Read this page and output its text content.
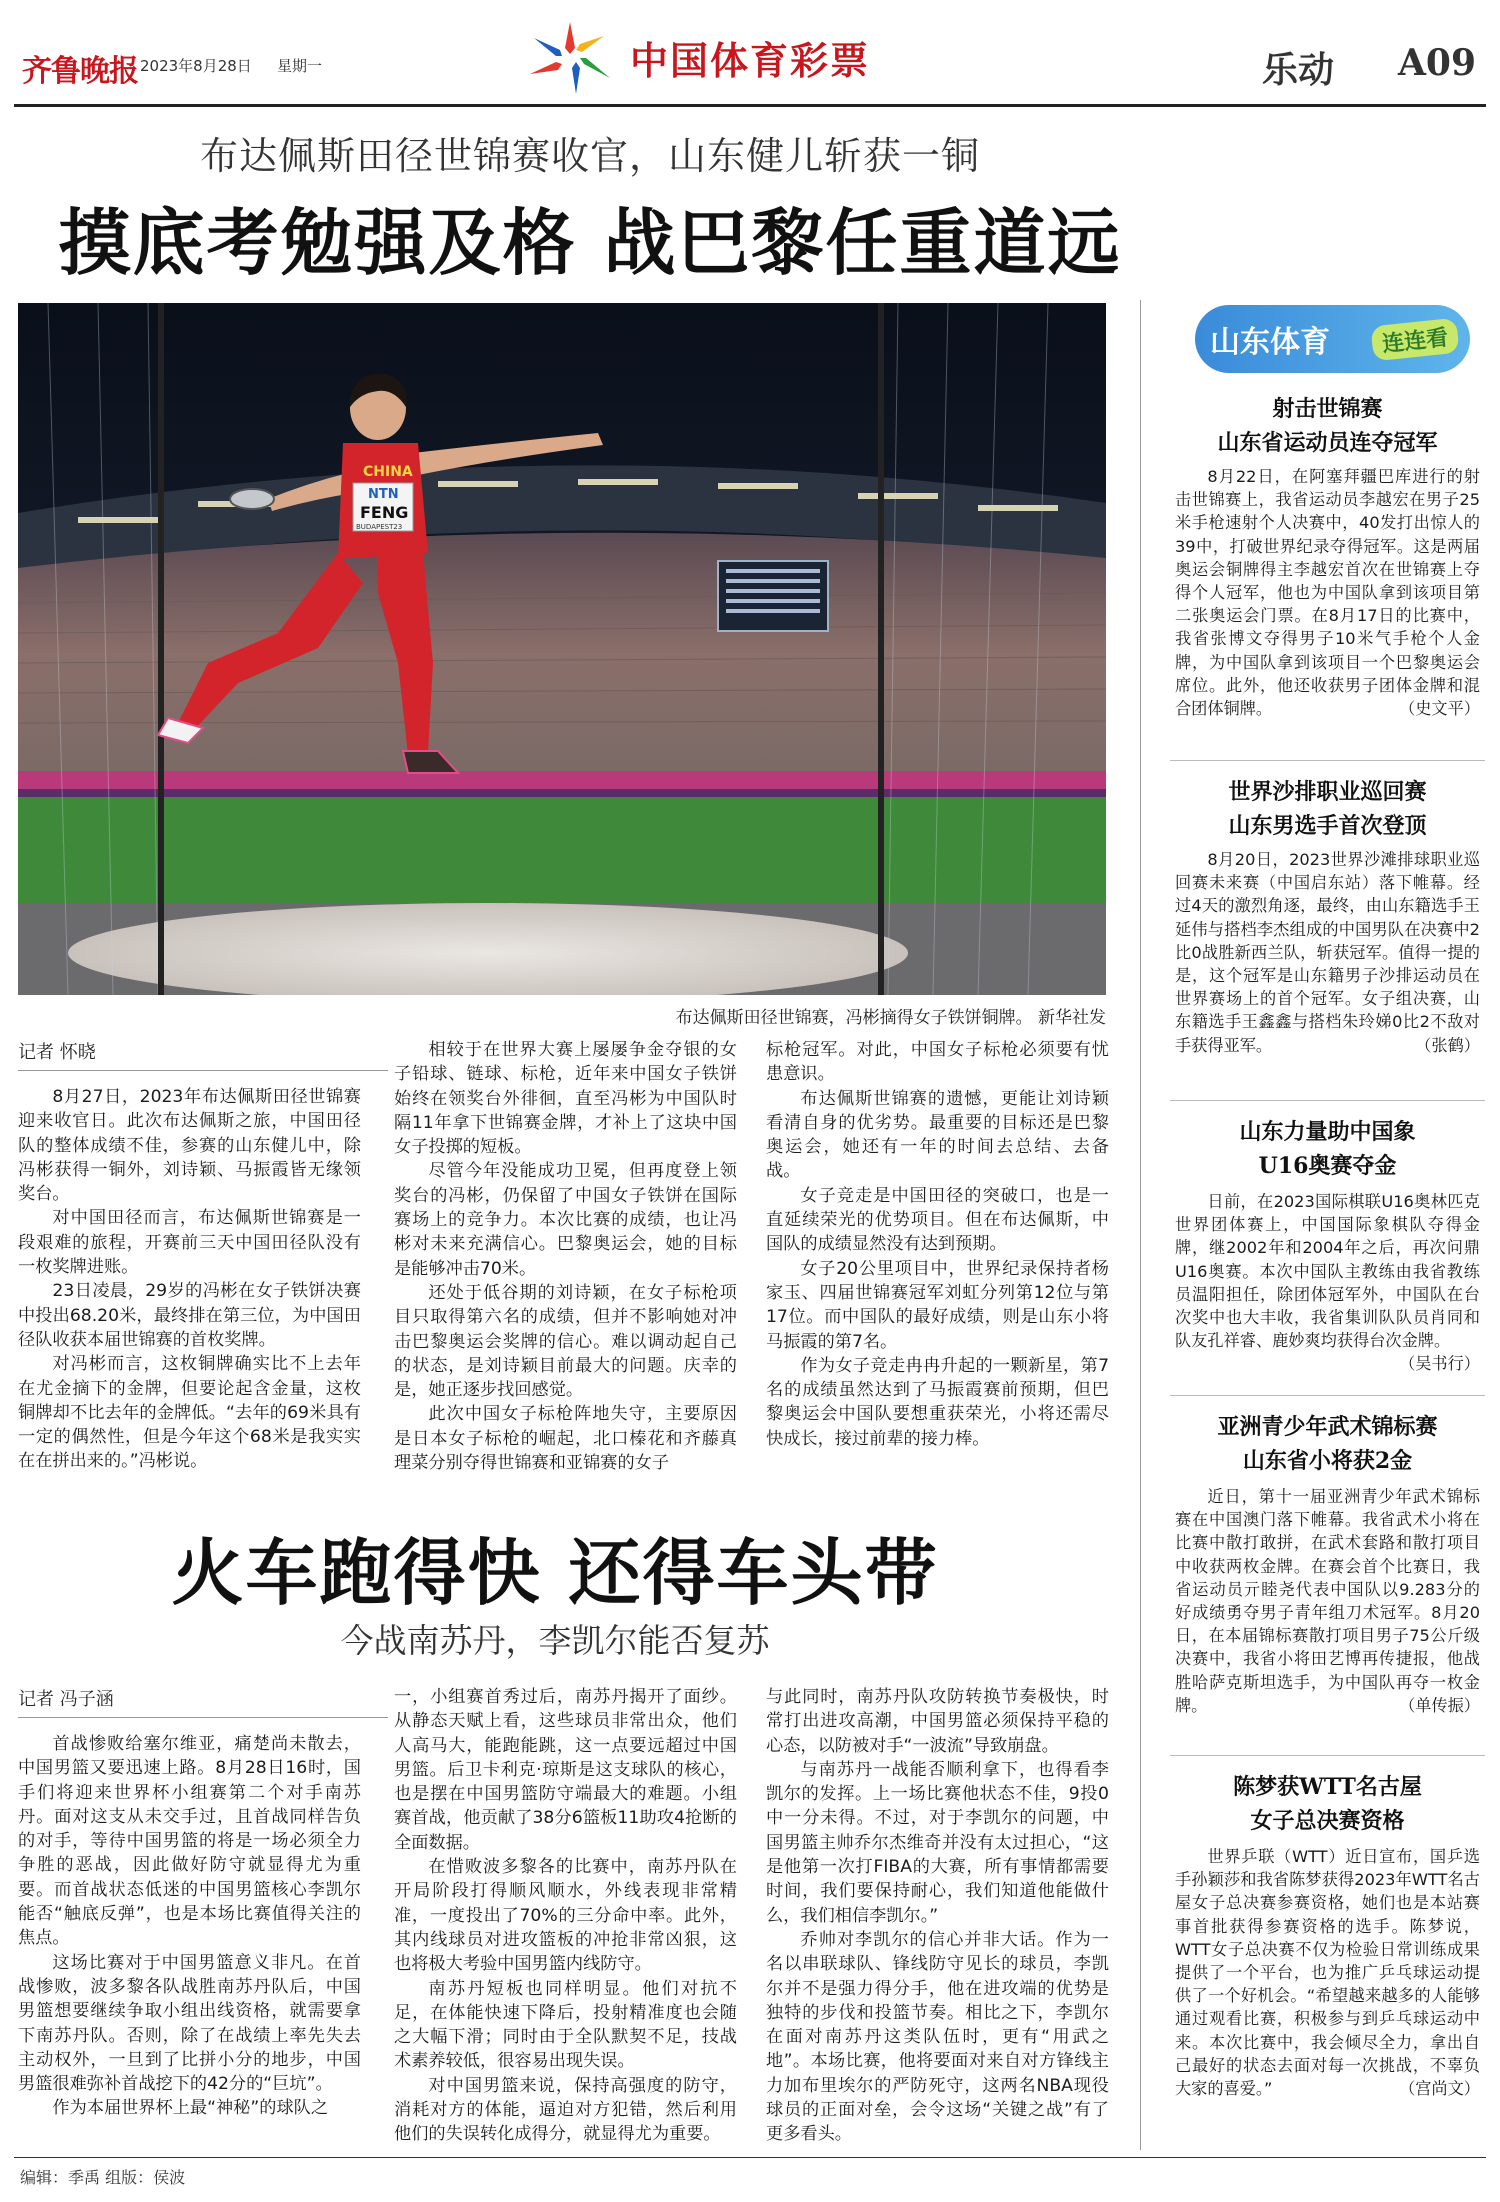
齐鲁晚报 2023年8月28日 星期一	中国体育彩票	乐动 A09
布达佩斯田径世锦赛收官，山东健儿斩获一铜
摸底考勉强及格 战巴黎任重道远
CHINA
NTN
FENG
BUDAPEST23
布达佩斯田径世锦赛，冯彬摘得女子铁饼铜牌。 新华社发
记者 怀晓

8月27日，2023年布达佩斯田径世锦赛迎来收官日。此次布达佩斯之旅，中国田径队的整体成绩不佳，参赛的山东健儿中，除冯彬获得一铜外，刘诗颖、马振霞皆无缘领奖台。

对中国田径而言，布达佩斯世锦赛是一段艰难的旅程，开赛前三天中国田径队没有一枚奖牌进账。

23日凌晨，29岁的冯彬在女子铁饼决赛中投出68.20米，最终排在第三位，为中国田径队收获本届世锦赛的首枚奖牌。

对冯彬而言，这枚铜牌确实比不上去年在尤金摘下的金牌，但要论起含金量，这枚铜牌却不比去年的金牌低。“去年的69米具有一定的偶然性，但是今年这个68米是我实实在在拼出来的。”冯彬说。

相较于在世界大赛上屡屡争金夺银的女子铅球、链球、标枪，近年来中国女子铁饼始终在领奖台外徘徊，直至冯彬为中国队时隔11年拿下世锦赛金牌，才补上了这块中国女子投掷的短板。

尽管今年没能成功卫冕，但再度登上领奖台的冯彬，仍保留了中国女子铁饼在国际赛场上的竞争力。本次比赛的成绩，也让冯彬对未来充满信心。巴黎奥运会，她的目标是能够冲击70米。

还处于低谷期的刘诗颖，在女子标枪项目只取得第六名的成绩，但并不影响她对冲击巴黎奥运会奖牌的信心。难以调动起自己的状态，是刘诗颖目前最大的问题。庆幸的是，她正逐步找回感觉。

此次中国女子标枪阵地失守，主要原因是日本女子标枪的崛起，北口榛花和齐藤真理菜分别夺得世锦赛和亚锦赛的女子

标枪冠军。对此，中国女子标枪必须要有忧患意识。

布达佩斯世锦赛的遗憾，更能让刘诗颖看清自身的优劣势。最重要的目标还是巴黎奥运会，她还有一年的时间去总结、去备战。

女子竞走是中国田径的突破口，也是一直延续荣光的优势项目。但在布达佩斯，中国队的成绩显然没有达到预期。

女子20公里项目中，世界纪录保持者杨家玉、四届世锦赛冠军刘虹分列第12位与第17位。而中国队的最好成绩，则是山东小将马振霞的第7名。

作为女子竞走冉冉升起的一颗新星，第7名的成绩虽然达到了马振霞赛前预期，但巴黎奥运会中国队要想重获荣光，小将还需尽快成长，接过前辈的接力棒。

火车跑得快 还得车头带
今战南苏丹，李凯尔能否复苏
记者 冯子涵

首战惨败给塞尔维亚，痛楚尚未散去，中国男篮又要迅速上路。8月28日16时，国手们将迎来世界杯小组赛第二个对手南苏丹。面对这支从未交手过，且首战同样告负的对手，等待中国男篮的将是一场必须全力争胜的恶战，因此做好防守就显得尤为重要。而首战状态低迷的中国男篮核心李凯尔能否“触底反弹”，也是本场比赛值得关注的焦点。

这场比赛对于中国男篮意义非凡。在首战惨败，波多黎各队战胜南苏丹队后，中国男篮想要继续争取小组出线资格，就需要拿下南苏丹队。否则，除了在战绩上率先失去主动权外，一旦到了比拼小分的地步，中国男篮很难弥补首战挖下的42分的“巨坑”。

作为本届世界杯上最“神秘”的球队之

一，小组赛首秀过后，南苏丹揭开了面纱。从静态天赋上看，这些球员非常出众，他们人高马大，能跑能跳，这一点要远超过中国男篮。后卫卡利克·琼斯是这支球队的核心，也是摆在中国男篮防守端最大的难题。小组赛首战，他贡献了38分6篮板11助攻4抢断的全面数据。

在惜败波多黎各的比赛中，南苏丹队在开局阶段打得顺风顺水，外线表现非常精准，一度投出了70%的三分命中率。此外，其内线球员对进攻篮板的冲抢非常凶狠，这也将极大考验中国男篮内线防守。

南苏丹短板也同样明显。他们对抗不足，在体能快速下降后，投射精准度也会随之大幅下滑；同时由于全队默契不足，技战术素养较低，很容易出现失误。

对中国男篮来说，保持高强度的防守，消耗对方的体能，逼迫对方犯错，然后利用他们的失误转化成得分，就显得尤为重要。

与此同时，南苏丹队攻防转换节奏极快，时常打出进攻高潮，中国男篮必须保持平稳的心态，以防被对手“一波流”导致崩盘。

与南苏丹一战能否顺利拿下，也得看李凯尔的发挥。上一场比赛他状态不佳，9投0中一分未得。不过，对于李凯尔的问题，中国男篮主帅乔尔杰维奇并没有太过担心，“这是他第一次打FIBA的大赛，所有事情都需要时间，我们要保持耐心，我们知道他能做什么，我们相信李凯尔。”

乔帅对李凯尔的信心并非大话。作为一名以串联球队、锋线防守见长的球员，李凯尔并不是强力得分手，他在进攻端的优势是独特的步伐和投篮节奏。相比之下，李凯尔在面对南苏丹这类队伍时，更有“用武之地”。本场比赛，他将要面对来自对方锋线主力加布里埃尔的严防死守，这两名NBA现役球员的正面对垒，会令这场“关键之战”有了更多看头。

山东体育	连连看
射击世锦赛
山东省运动员连夺冠军

8月22日，在阿塞拜疆巴库进行的射击世锦赛上，我省运动员李越宏在男子25米手枪速射个人决赛中，40发打出惊人的39中，打破世界纪录夺得冠军。这是两届奥运会铜牌得主李越宏首次在世锦赛上夺得个人冠军，他也为中国队拿到该项目第二张奥运会门票。在8月17日的比赛中，我省张博文夺得男子10米气手枪个人金牌，为中国队拿到该项目一个巴黎奥运会席位。此外，他还收获男子团体金牌和混合团体铜牌。	（史文平）

世界沙排职业巡回赛
山东男选手首次登顶

8月20日，2023世界沙滩排球职业巡回赛未来赛（中国启东站）落下帷幕。经过4天的激烈角逐，最终，由山东籍选手王延伟与搭档李杰组成的中国男队在决赛中2比0战胜新西兰队，斩获冠军。值得一提的是，这个冠军是山东籍男子沙排运动员在世界赛场上的首个冠军。女子组决赛，山东籍选手王鑫鑫与搭档朱玲娣0比2不敌对手获得亚军。	（张鹤）

山东力量助中国象
U16奥赛夺金

日前，在2023国际棋联U16奥林匹克世界团体赛上，中国国际象棋队夺得金牌，继2002年和2004年之后，再次问鼎U16奥赛。本次中国队主教练由我省教练员温阳担任，除团体冠军外，中国队在台次奖中也大丰收，我省集训队队员肖同和队友孔祥睿、鹿妙爽均获得台次金牌。
（吴书行）

亚洲青少年武术锦标赛
山东省小将获2金

近日，第十一届亚洲青少年武术锦标赛在中国澳门落下帷幕。我省武术小将在比赛中散打敢拼，在武术套路和散打项目中收获两枚金牌。在赛会首个比赛日，我省运动员亓睦尧代表中国队以9.283分的好成绩勇夺男子青年组刀术冠军。8月20日，在本届锦标赛散打项目男子75公斤级决赛中，我省小将田艺博再传捷报，他战胜哈萨克斯坦选手，为中国队再夺一枚金牌。	（单传振）

陈梦获WTT名古屋
女子总决赛资格

世界乒联（WTT）近日宣布，国乒选手孙颖莎和我省陈梦获得2023年WTT名古屋女子总决赛参赛资格，她们也是本站赛事首批获得参赛资格的选手。陈梦说，WTT女子总决赛不仅为检验日常训练成果提供了一个平台，也为推广乒乓球运动提供了一个好机会。“希望越来越多的人能够通过观看比赛，积极参与到乒乓球运动中来。本次比赛中，我会倾尽全力，拿出自己最好的状态去面对每一次挑战，不辜负大家的喜爱。”	（宫尚文）

编辑：季禹 组版：侯波
